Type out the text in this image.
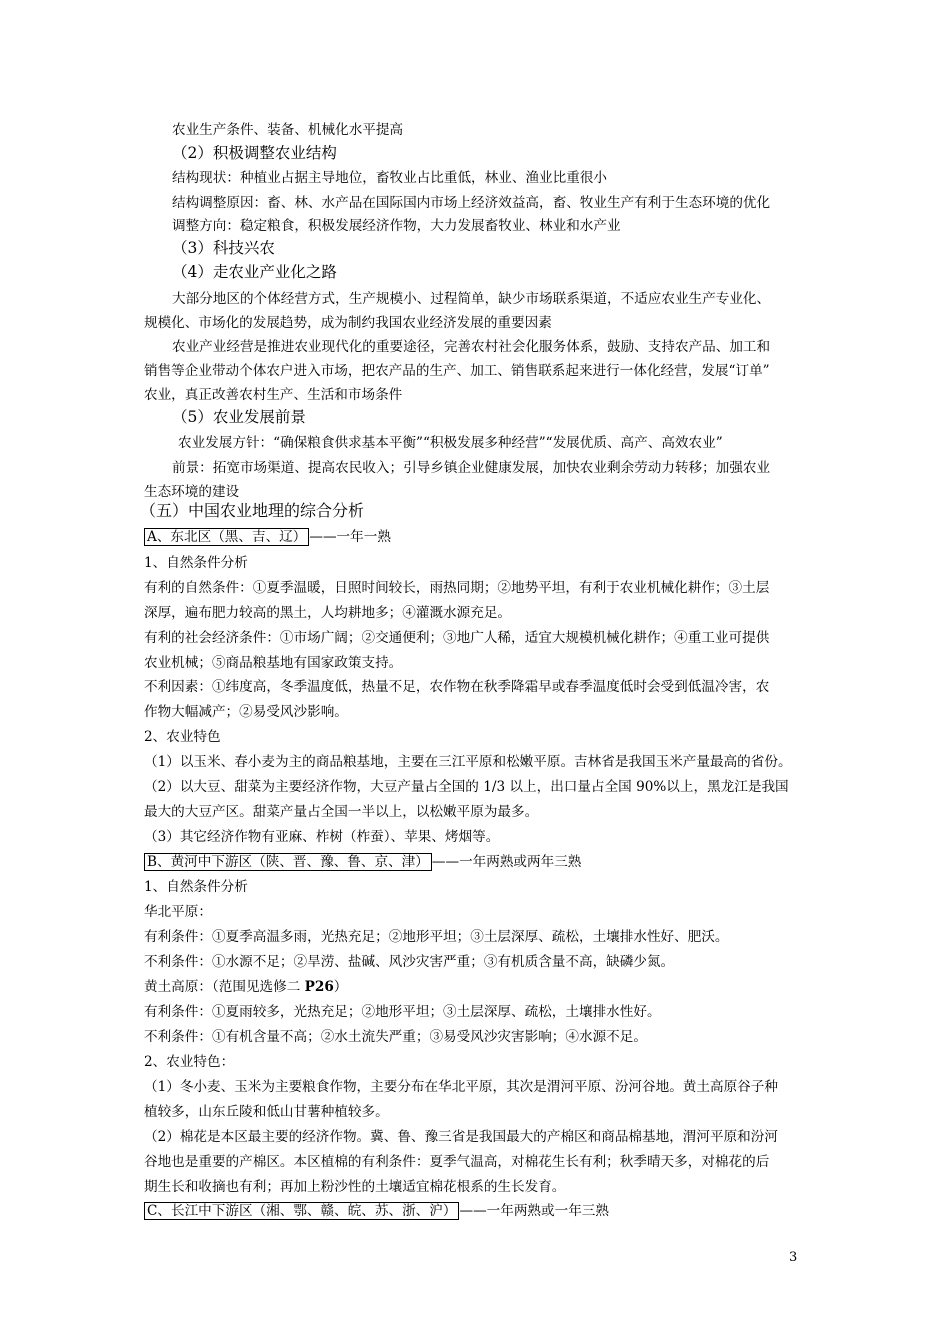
农业生产条件、装备、机械化水平提高
（2）积极调整农业结构
结构现状：种植业占据主导地位，畜牧业占比重低，林业、渔业比重很小
结构调整原因：畜、林、水产品在国际国内市场上经济效益高，畜、牧业生产有利于生态环境的优化
调整方向：稳定粮食，积极发展经济作物，大力发展畜牧业、林业和水产业
（3）科技兴农
（4）走农业产业化之路
大部分地区的个体经营方式，生产规模小、过程简单，缺少市场联系渠道，不适应农业生产专业化、
规模化、市场化的发展趋势，成为制约我国农业经济发展的重要因素
农业产业经营是推进农业现代化的重要途径，完善农村社会化服务体系，鼓励、支持农产品、加工和
销售等企业带动个体农户进入市场，把农产品的生产、加工、销售联系起来进行一体化经营，发展“订单”
农业，真正改善农村生产、生活和市场条件
（5）农业发展前景
农业发展方针：“确保粮食供求基本平衡”“积极发展多种经营”“发展优质、高产、高效农业”
前景：拓宽市场渠道、提高农民收入；引导乡镇企业健康发展，加快农业剩余劳动力转移；加强农业
生态环境的建设
（五）中国农业地理的综合分析
A、东北区（黑、吉、辽） ——一年一熟
1、自然条件分析
有利的自然条件：①夏季温暖，日照时间较长，雨热同期；②地势平坦，有利于农业机械化耕作；③土层
深厚，遍布肥力较高的黑土，人均耕地多；④灌溉水源充足。
有利的社会经济条件：①市场广阔；②交通便利；③地广人稀，适宜大规模机械化耕作；④重工业可提供
农业机械；⑤商品粮基地有国家政策支持。
不利因素：①纬度高，冬季温度低，热量不足，农作物在秋季降霜早或春季温度低时会受到低温冷害，农
作物大幅减产；②易受风沙影响。
2、农业特色
（1）以玉米、春小麦为主的商品粮基地，主要在三江平原和松嫩平原。吉林省是我国玉米产量最高的省份。
（2）以大豆、甜菜为主要经济作物，大豆产量占全国的 1/3 以上，出口量占全国 90%以上，黑龙江是我国
最大的大豆产区。甜菜产量占全国一半以上，以松嫩平原为最多。
（3）其它经济作物有亚麻、柞树（柞蚕）、苹果、烤烟等。
B、黄河中下游区（陕、晋、豫、鲁、京、津） ——一年两熟或两年三熟
1、自然条件分析
华北平原：
有利条件：①夏季高温多雨，光热充足；②地形平坦；③土层深厚、疏松，土壤排水性好、肥沃。
不利条件：①水源不足；②旱涝、盐碱、风沙灾害严重；③有机质含量不高，缺磷少氮。
黄土高原：（范围见选修二 P26）
有利条件：①夏雨较多，光热充足；②地形平坦；③土层深厚、疏松，土壤排水性好。
不利条件：①有机含量不高；②水土流失严重；③易受风沙灾害影响；④水源不足。
2、农业特色：
（1）冬小麦、玉米为主要粮食作物，主要分布在华北平原，其次是渭河平原、汾河谷地。黄土高原谷子种
植较多，山东丘陵和低山甘薯种植较多。
（2）棉花是本区最主要的经济作物。冀、鲁、豫三省是我国最大的产棉区和商品棉基地，渭河平原和汾河
谷地也是重要的产棉区。本区植棉的有利条件：夏季气温高，对棉花生长有利；秋季晴天多，对棉花的后
期生长和收摘也有利；再加上粉沙性的土壤适宜棉花根系的生长发育。
C、长江中下游区（湘、鄂、赣、皖、苏、浙、沪） ——一年两熟或一年三熟
3
